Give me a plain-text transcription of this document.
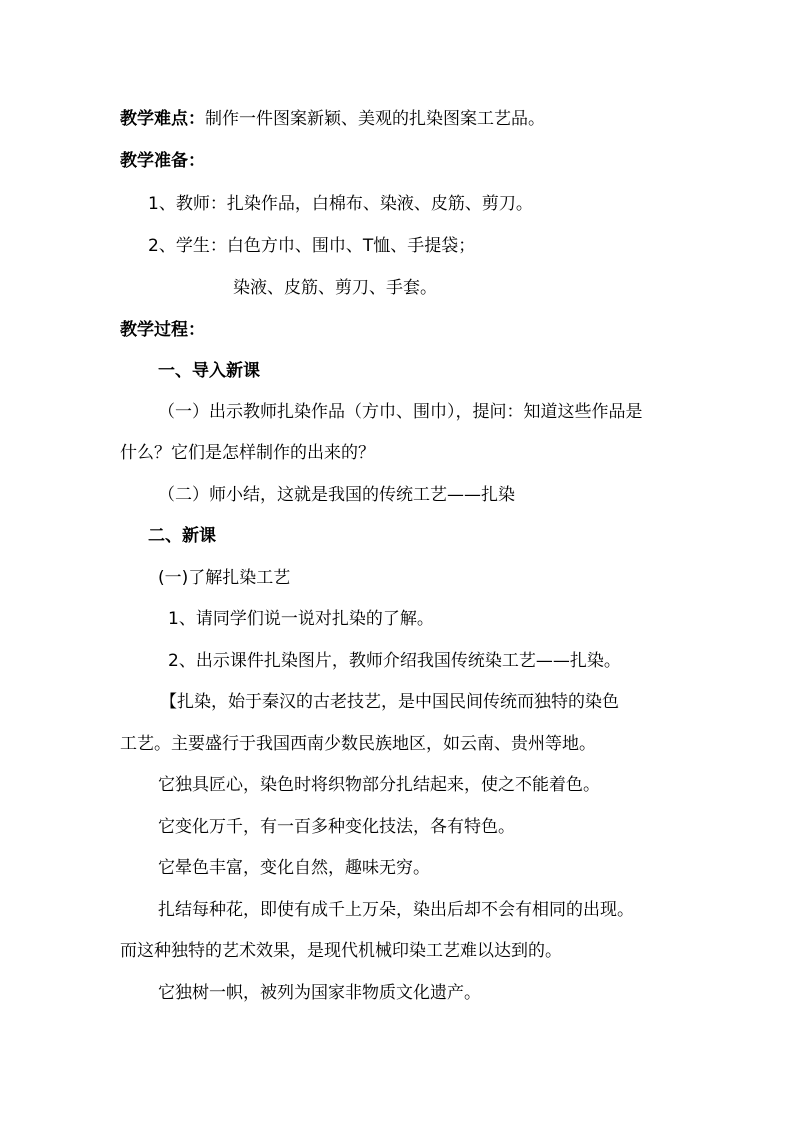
教学难点：制作一件图案新颖、美观的扎染图案工艺品。
教学准备：
1、教师：扎染作品，白棉布、染液、皮筋、剪刀。
2、学生：白色方巾、围巾、T恤、手提袋；
染液、皮筋、剪刀、手套。
教学过程：
一、导入新课
（一）出示教师扎染作品（方巾、围巾），提问：知道这些作品是
什么？它们是怎样制作的出来的？
（二）师小结，这就是我国的传统工艺——扎染
二、新课
(一)了解扎染工艺
1、请同学们说一说对扎染的了解。
2、出示课件扎染图片，教师介绍我国传统染工艺——扎染。
【扎染，始于秦汉的古老技艺，是中国民间传统而独特的染色
工艺。主要盛行于我国西南少数民族地区，如云南、贵州等地。
它独具匠心，染色时将织物部分扎结起来，使之不能着色。
它变化万千，有一百多种变化技法，各有特色。
它晕色丰富，变化自然，趣味无穷。
扎结每种花，即使有成千上万朵，染出后却不会有相同的出现。
而这种独特的艺术效果，是现代机械印染工艺难以达到的。
它独树一帜，被列为国家非物质文化遗产。
